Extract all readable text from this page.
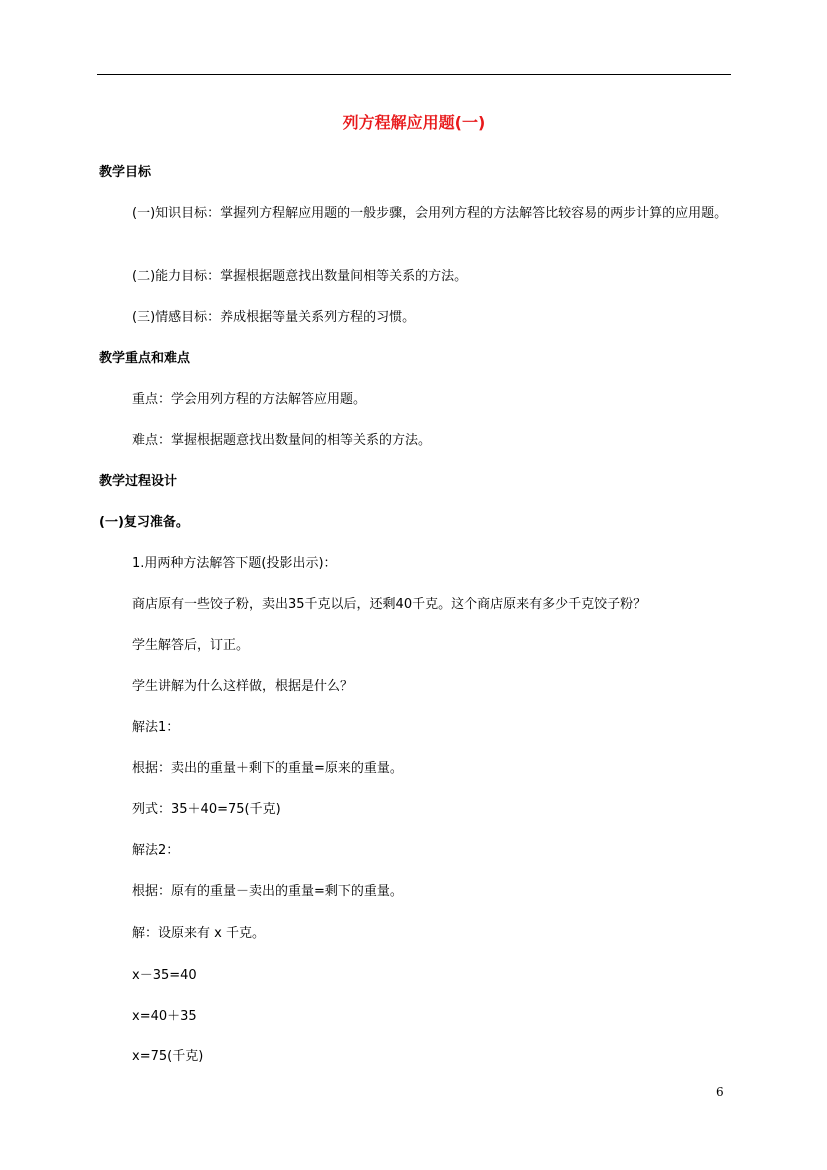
列方程解应用题(一)
教学目标
(一)知识目标：掌握列方程解应用题的一般步骤，会用列方程的方法解答比较容易的两步计算的应用题。
(二)能力目标：掌握根据题意找出数量间相等关系的方法。
(三)情感目标：养成根据等量关系列方程的习惯。
教学重点和难点
重点：学会用列方程的方法解答应用题。
难点：掌握根据题意找出数量间的相等关系的方法。
教学过程设计
(一)复习准备。
1.用两种方法解答下题(投影出示)：
商店原有一些饺子粉，卖出35千克以后，还剩40千克。这个商店原来有多少千克饺子粉？
学生解答后，订正。
学生讲解为什么这样做，根据是什么？
解法1：
根据：卖出的重量＋剩下的重量=原来的重量。
列式：35＋40=75(千克)
解法2：
根据：原有的重量－卖出的重量=剩下的重量。
解：设原来有 x 千克。
x－35=40
x=40＋35
x=75(千克)
6
